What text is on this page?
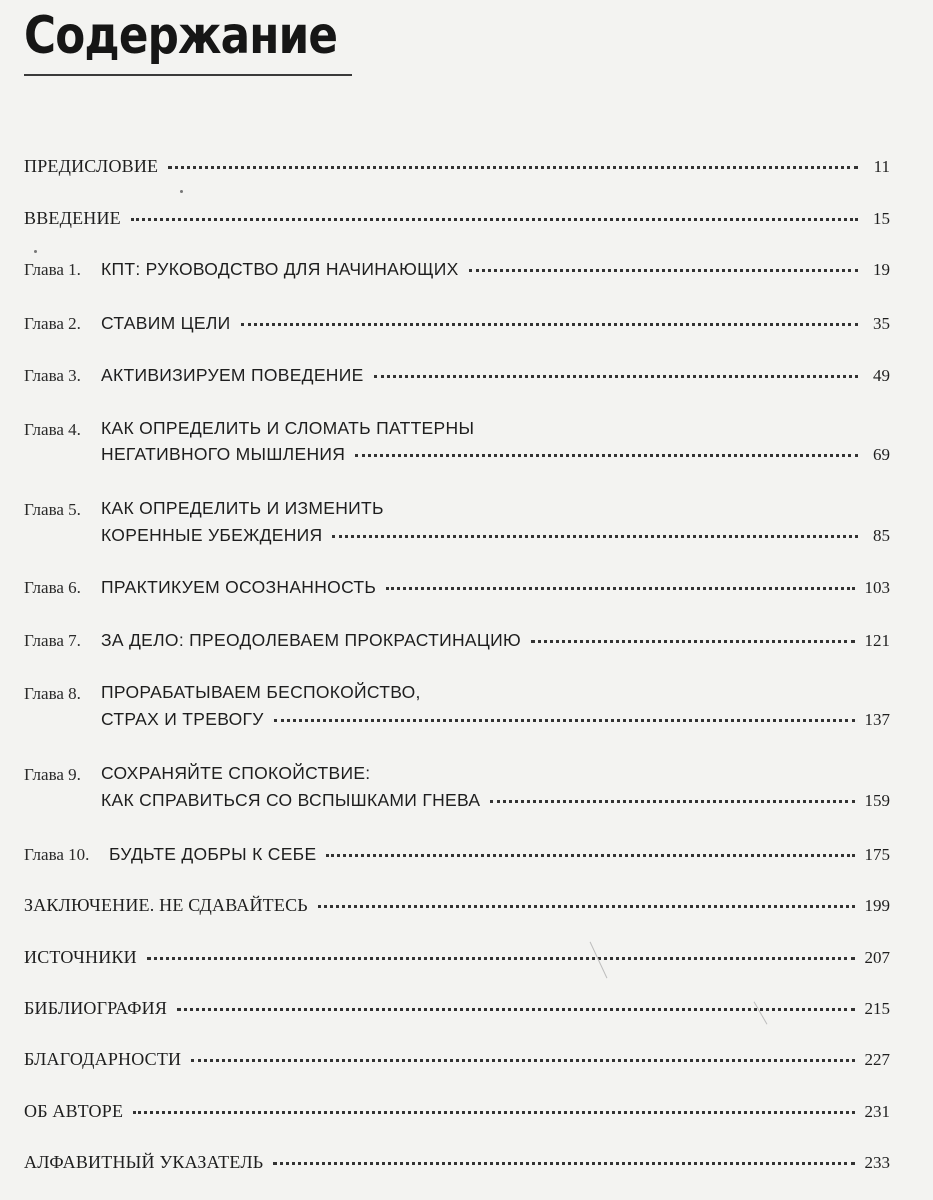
Содержание
ПРЕДИСЛОВИЕ	11
ВВЕДЕНИЕ	15
Глава 1.	КПТ: РУКОВОДСТВО ДЛЯ НАЧИНАЮЩИХ	19
Глава 2.	СТАВИМ ЦЕЛИ	35
Глава 3.	АКТИВИЗИРУЕМ ПОВЕДЕНИЕ	49
Глава 4. КАК ОПРЕДЕЛИТЬ И СЛОМАТЬ ПАТТЕРНЫ
НЕГАТИВНОГО МЫШЛЕНИЯ	69
Глава 5. КАК ОПРЕДЕЛИТЬ И ИЗМЕНИТЬ
КОРЕННЫЕ УБЕЖДЕНИЯ	85
Глава 6.	ПРАКТИКУЕМ ОСОЗНАННОСТЬ	103
Глава 7.	ЗА ДЕЛО: ПРЕОДОЛЕВАЕМ ПРОКРАСТИНАЦИЮ	121
Глава 8. ПРОРАБАТЫВАЕМ БЕСПОКОЙСТВО,
СТРАХ И ТРЕВОГУ	137
Глава 9. СОХРАНЯЙТЕ СПОКОЙСТВИЕ:
КАК СПРАВИТЬСЯ СО ВСПЫШКАМИ ГНЕВА	159
Глава 10.	БУДЬТЕ ДОБРЫ К СЕБЕ	175
ЗАКЛЮЧЕНИЕ. НЕ СДАВАЙТЕСЬ	199
ИСТОЧНИКИ	207
БИБЛИОГРАФИЯ	215
БЛАГОДАРНОСТИ	227
ОБ АВТОРЕ	231
АЛФАВИТНЫЙ УКАЗАТЕЛЬ	233
